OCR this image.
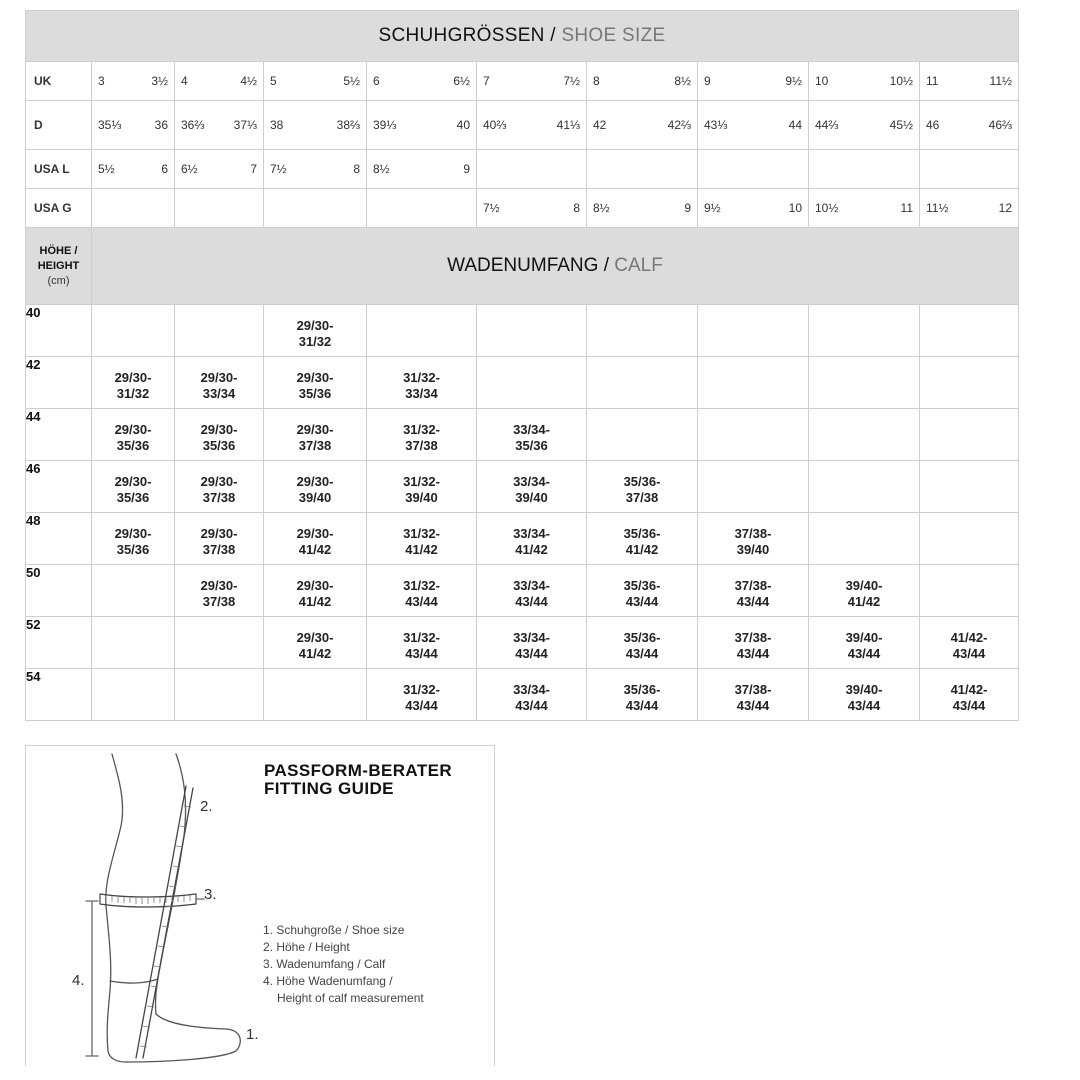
SCHUHGRÖSSEN / SHOE SIZE									
UK	3 3½	4 4½	5 5½	6 6½	7 7½	8 8½	9 9½	10 10½	11 11½

D	35⅓ 36	36⅔ 37⅓	38 38⅔	39⅓ 40	40⅔ 41⅓	42 42⅔	43⅓ 44	44⅔ 45½	46 46⅔

USA L	5½ 6	6½ 7	7½ 8	8½ 9					

USA G					7½ 8	8½ 9	9½ 10	10½ 11	11½ 12

HÖHE /
HEIGHT
(cm)	WADENUMFANG / CALF								
40			29/30-
31/32						

42	29/30-
31/32	29/30-
33/34	29/30-
35/36	31/32-
33/34					

44	29/30-
35/36	29/30-
35/36	29/30-
37/38	31/32-
37/38	33/34-
35/36				

46	29/30-
35/36	29/30-
37/38	29/30-
39/40	31/32-
39/40	33/34-
39/40	35/36-
37/38			

48	29/30-
35/36	29/30-
37/38	29/30-
41/42	31/32-
41/42	33/34-
41/42	35/36-
41/42	37/38-
39/40		

50		29/30-
37/38	29/30-
41/42	31/32-
43/44	33/34-
43/44	35/36-
43/44	37/38-
43/44	39/40-
41/42	

52			29/30-
41/42	31/32-
43/44	33/34-
43/44	35/36-
43/44	37/38-
43/44	39/40-
43/44	41/42-
43/44

54				31/32-
43/44	33/34-
43/44	35/36-
43/44	37/38-
43/44	39/40-
43/44	41/42-
43/44
2.
3.
4.
1.
PASSFORM-BERATER
FITTING GUIDE
1. Schuhgroße / Shoe size
2. Höhe / Height
3. Wadenumfang / Calf
4. Höhe Wadenumfang /
Height of calf measurement
